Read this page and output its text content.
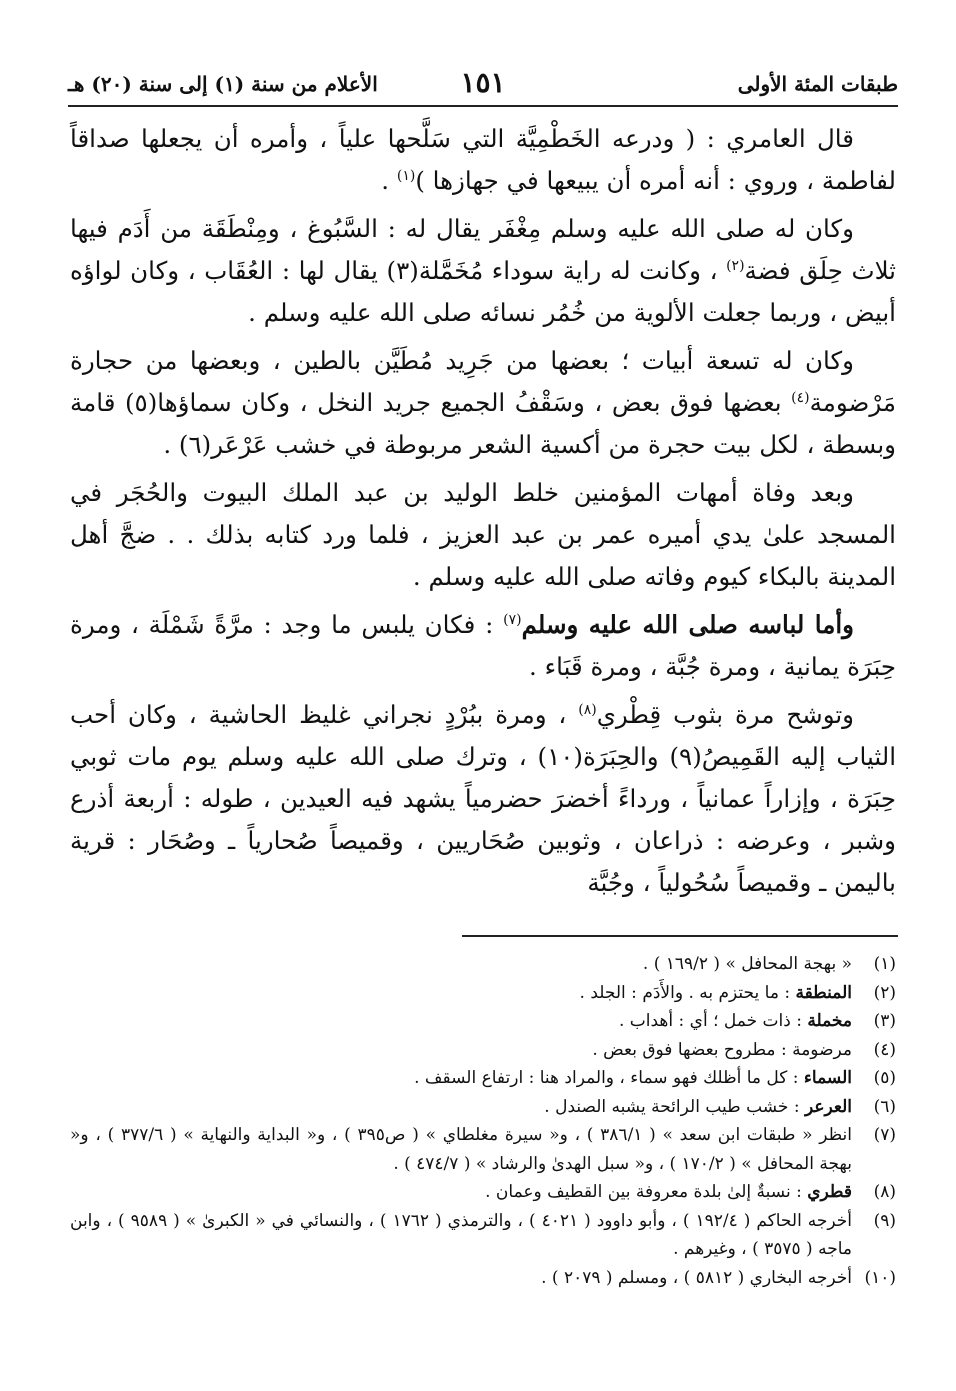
طبقات المئة الأولى
١٥١
الأعلام من سنة (١) إلى سنة (٢٠) هـ

قال العامري : ( ودرعه الخَطْمِيَّة التي سَلَّحها علياً ، وأمره أن يجعلها صداقاً لفاطمة ، وروي : أنه أمره أن يبيعها في جهازها )$^{(١)}$ .

وكان له صلى الله عليه وسلم مِغْفَر يقال له : السَّبُوغ ، ومِنْطَقَة من أَدَم فيها ثلاث حِلَق فضة$^{(٢)}$ ، وكانت له راية سوداء مُخَمَّلة(٣) يقال لها : العُقَاب ، وكان لواؤه أبيض ، وربما جعلت الألوية من خُمُر نسائه صلى الله عليه وسلم .

وكان له تسعة أبيات ؛ بعضها من جَرِيد مُطَيَّن بالطين ، وبعضها من حجارة مَرْضومة$^{(٤)}$ بعضها فوق بعض ، وسَقْفُ الجميع جريد النخل ، وكان سماؤها(٥) قامة وبسطة ، لكل بيت حجرة من أكسية الشعر مربوطة في خشب عَرْعَر(٦) .

وبعد وفاة أمهات المؤمنين خلط الوليد بن عبد الملك البيوت والحُجَر في المسجد علىٰ يدي أميره عمر بن عبد العزيز ، فلما ورد كتابه بذلك . . ضجَّ أهل المدينة بالبكاء كيوم وفاته صلى الله عليه وسلم .

وأما لباسه صلى الله عليه وسلم$^{(٧)}$ : فكان يلبس ما وجد : مرَّةً شَمْلَة ، ومرة حِبَرَة يمانية ، ومرة جُبَّة ، ومرة قَبَاء .

وتوشح مرة بثوب قِطْري$^{(٨)}$ ، ومرة ببُرْدٍ نجراني غليظ الحاشية ، وكان أحب الثياب إليه القَمِيصُ(٩) والحِبَرَة(١٠) ، وترك صلى الله عليه وسلم يوم مات ثوبي حِبَرَة ، وإزاراً عمانياً ، ورداءً أخضرَ حضرمياً يشهد فيه العيدين ، طوله : أربعة أذرع وشبر ، وعرضه : ذراعان ، وثوبين صُحَاريين ، وقميصاً صُحارياً ـ وصُحَار : قرية باليمن ـ وقميصاً سُحُولياً ، وجُبَّة

(١)
« بهجة المحافل » ( ١٦٩/٢ ) .
(٢)
المنطقة : ما يحتزم به . والأَدَم : الجلد .
(٣)
مخملة : ذات خمل ؛ أي : أهداب .
(٤)
مرضومة : مطروح بعضها فوق بعض .
(٥)
السماء : كل ما أظلك فهو سماء ، والمراد هنا : ارتفاع السقف .
(٦)
العرعر : خشب طيب الرائحة يشبه الصندل .
(٧)
انظر « طبقات ابن سعد » ( ٣٨٦/١ ) ، و« سيرة مغلطاي » ( ص٣٩٥ ) ، و« البداية والنهاية » ( ٣٧٧/٦ ) ، و« بهجة المحافل » ( ١٧٠/٢ ) ، و« سبل الهدىٰ والرشاد » ( ٤٧٤/٧ ) .
(٨)
قطري : نسبةٌ إلىٰ بلدة معروفة بين القطيف وعمان .
(٩)
أخرجه الحاكم ( ١٩٢/٤ ) ، وأبو داوود ( ٤٠٢١ ) ، والترمذي ( ١٧٦٢ ) ، والنسائي في « الكبرىٰ » ( ٩٥٨٩ ) ، وابن ماجه ( ٣٥٧٥ ) ، وغيرهم .
(١٠)
أخرجه البخاري ( ٥٨١٢ ) ، ومسلم ( ٢٠٧٩ ) .
